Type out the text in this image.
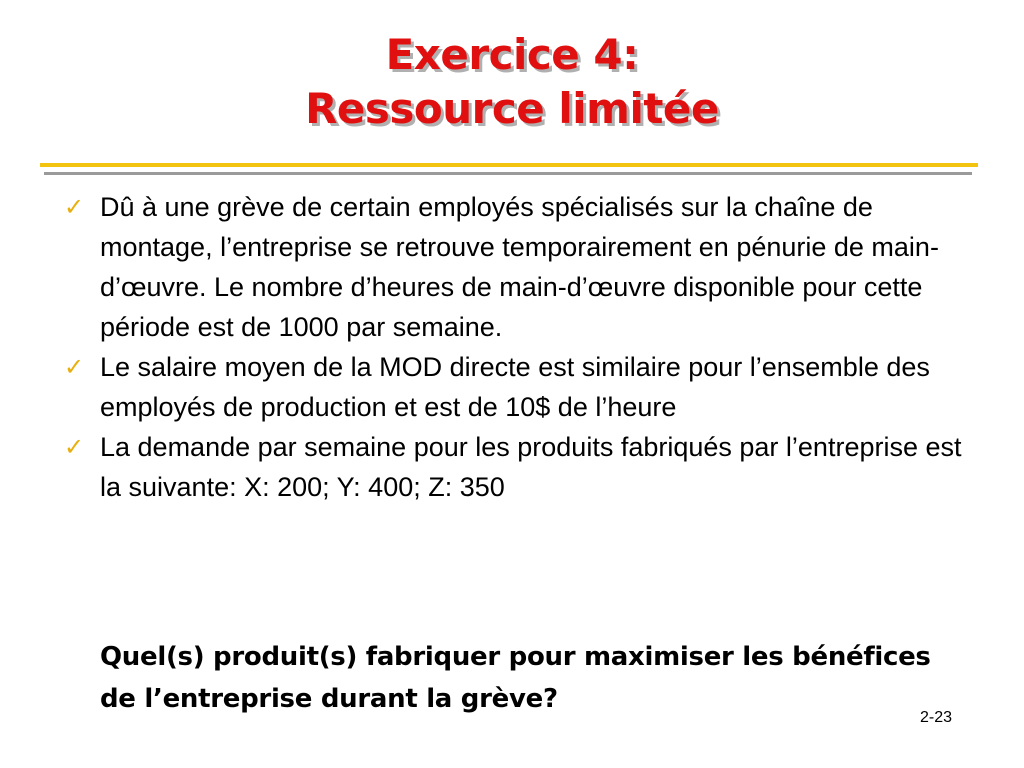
Exercice 4:
Ressource limitée
✓ Dû à une grève de certain employés spécialisés sur la chaîne de montage, l’entreprise se retrouve temporairement en pénurie de main-d’œuvre. Le nombre d’heures de main-d’œuvre disponible pour cette période est de 1000 par semaine.
✓ Le salaire moyen de la MOD directe est similaire pour l’ensemble des employés de production et est de 10$ de l’heure
✓ La demande par semaine pour les produits fabriqués par l’entreprise est la suivante: X: 200; Y: 400; Z: 350
Quel(s) produit(s) fabriquer pour maximiser les bénéfices de l’entreprise durant la grève?
2-23
